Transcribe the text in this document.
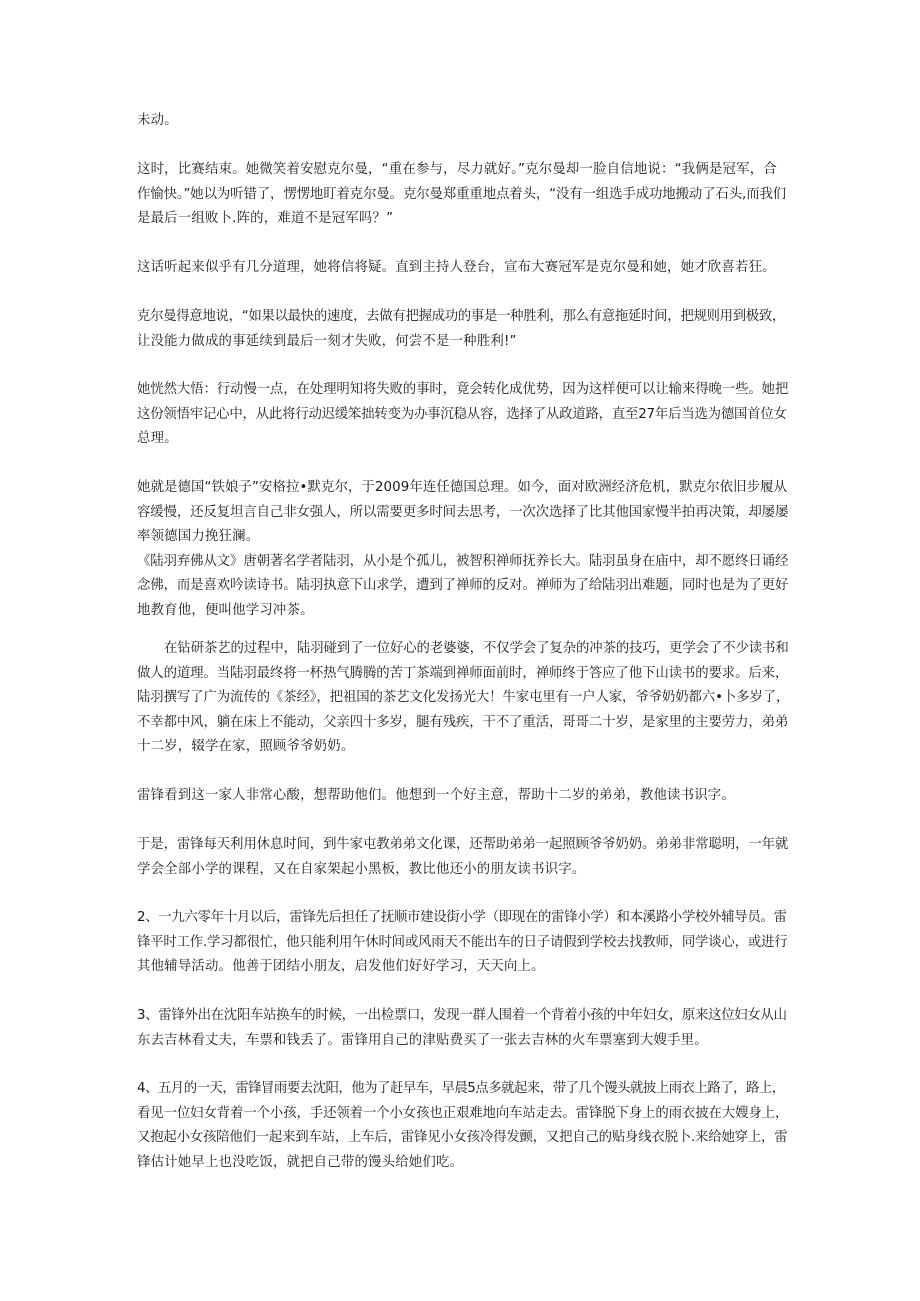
未动。
这时，比赛结束。她微笑着安慰克尔曼，“重在参与，尽力就好。”克尔曼却一脸自信地说：“我俩是冠军，合
作愉快。”她以为听错了，愣愣地盯着克尔曼。克尔曼郑重重地点着头，“没有一组选手成功地搬动了石头,而我们
是最后一组败卜.阵的，难道不是冠军吗？”
这话听起来似乎有几分道理，她将信将疑。直到主持人登台，宣布大赛冠军是克尔曼和她，她才欣喜若狂。
克尔曼得意地说，“如果以最快的速度，去做有把握成功的事是一种胜利，那么有意拖延时间，把规则用到极致，
让没能力做成的事延续到最后一刻才失败，何尝不是一种胜利!”
她恍然大悟：行动慢一点，在处理明知将失败的事时，竟会转化成优势，因为这样便可以让输来得晚一些。她把
这份领悟牢记心中，从此将行动迟缓笨拙转变为办事沉稳从容，选择了从政道路，直至27年后当选为德国首位女
总理。
她就是德国“铁娘子”安格拉•默克尔，于2009年连任德国总理。如今，面对欧洲经济危机，默克尔依旧步履从
容缓慢，还反复坦言自己非女强人，所以需要更多时间去思考，一次次选择了比其他国家慢半拍再决策，却屡屡
率领德国力挽狂澜。
《陆羽弃佛从文》唐朝著名学者陆羽，从小是个孤儿，被智积禅师抚养长大。陆羽虽身在庙中，却不愿终日诵经
念佛，而是喜欢吟读诗书。陆羽执意下山求学，遭到了禅师的反对。禅师为了给陆羽出难题，同时也是为了更好
地教育他，便叫他学习冲茶。
在钻研茶艺的过程中，陆羽碰到了一位好心的老婆婆，不仅学会了复杂的冲茶的技巧，更学会了不少读书和
做人的道理。当陆羽最终将一杯热气腾腾的苦丁茶端到禅师面前时，禅师终于答应了他下山读书的要求。后来，
陆羽撰写了广为流传的《茶经》，把祖国的茶艺文化发扬光大！牛家屯里有一户人家，爷爷奶奶都六•卜多岁了，
不幸都中风，躺在床上不能动，父亲四十多岁，腿有残疾，干不了重活，哥哥二十岁，是家里的主要劳力，弟弟
十二岁，辍学在家，照顾爷爷奶奶。
雷锋看到这一家人非常心酸，想帮助他们。他想到一个好主意，帮助十二岁的弟弟，教他读书识字。
于是，雷锋每天利用休息时间，到牛家屯教弟弟文化课，还帮助弟弟一起照顾爷爷奶奶。弟弟非常聪明，一年就
学会全部小学的课程，又在自家架起小黑板，教比他还小的朋友读书识字。
2、一九六零年十月以后，雷锋先后担任了抚顺市建设街小学（即现在的雷锋小学）和本溪路小学校外辅导员。雷
锋平时工作.学习都很忙，他只能利用午休时间或风雨天不能出车的日子请假到学校去找教师，同学谈心，或进行
其他辅导活动。他善于团结小朋友，启发他们好好学习，天天向上。
3、雷锋外出在沈阳车站换车的时候，一出检票口，发现一群人围着一个背着小孩的中年妇女，原来这位妇女从山
东去吉林看丈夫，车票和钱丢了。雷锋用自己的津贴费买了一张去吉林的火车票塞到大嫂手里。
4、五月的一天，雷锋冒雨要去沈阳，他为了赶早车，早晨5点多就起来，带了几个馒头就披上雨衣上路了，路上，
看见一位妇女背着一个小孩，手还领着一个小女孩也正艰难地向车站走去。雷锋脱下身上的雨衣披在大嫂身上，
又抱起小女孩陪他们一起来到车站，上车后，雷锋见小女孩冷得发颤，又把自己的贴身线衣脱卜.来给她穿上，雷
锋估计她早上也没吃饭，就把自己带的馒头给她们吃。
